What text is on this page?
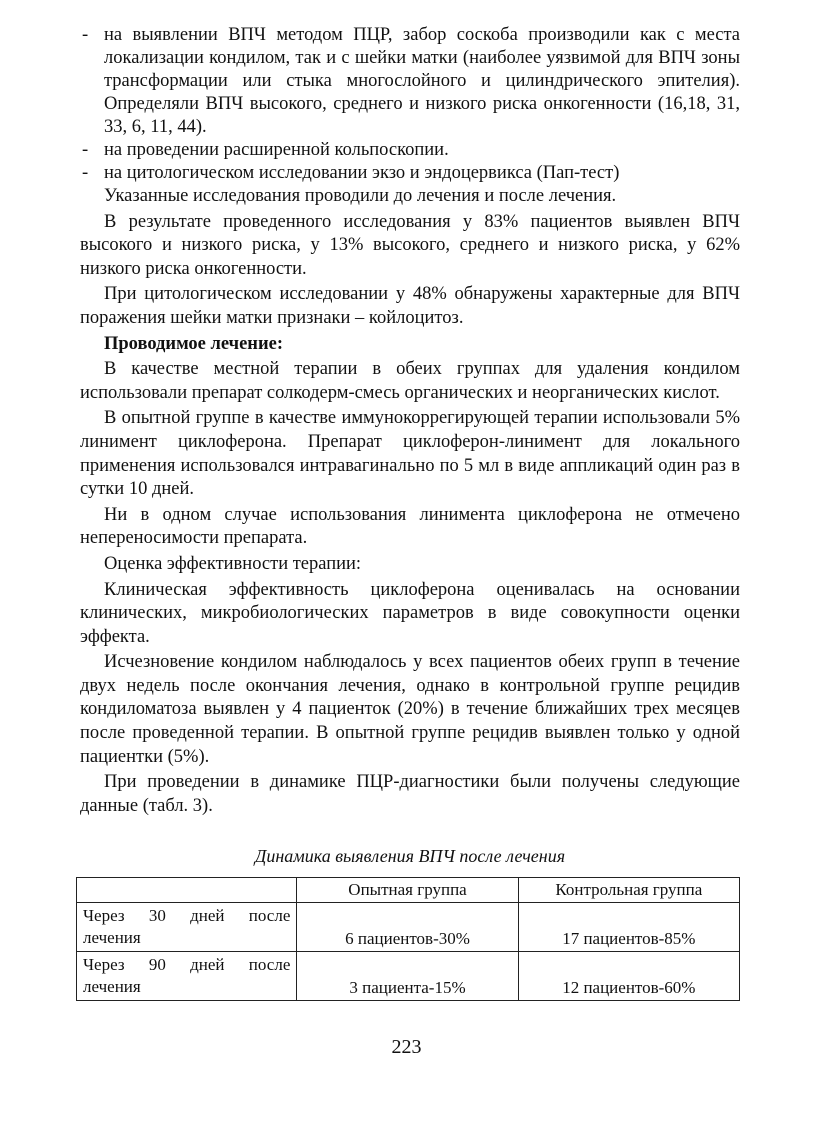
- на выявлении ВПЧ методом ПЦР, забор соскоба производили как с места локализации кондилом, так и с шейки матки (наиболее уязвимой для ВПЧ зоны трансформации или стыка многослойного и цилиндрического эпителия). Определяли ВПЧ высокого, среднего и низкого риска онкогенности (16,18, 31, 33, 6, 11, 44).
- на проведении расширенной кольпоскопии.
- на цитологическом исследовании экзо и эндоцервикса (Пап-тест)

Указанные исследования проводили до лечения и после лечения.

В результате проведенного исследования у 83% пациентов выявлен ВПЧ высокого и низкого риска, у 13% высокого, среднего и низкого риска, у 62% низкого риска онкогенности.

При цитологическом исследовании у 48% обнаружены характерные для ВПЧ поражения шейки матки признаки – койлоцитоз.

Проводимое лечение:

В качестве местной терапии в обеих группах для удаления кондилом использовали препарат солкодерм-смесь органических и неорганических кислот.

В опытной группе в качестве иммунокоррегирующей терапии использовали 5% линимент циклоферона. Препарат циклоферон-линимент для локального применения использовался интравагинально по 5 мл в виде аппликаций один раз в сутки 10 дней.

Ни в одном случае использования линимента циклоферона не отмечено непереносимости препарата.

Оценка эффективности терапии:

Клиническая эффективность циклоферона оценивалась на основании клинических, микробиологических параметров в виде совокупности оценки эффекта.

Исчезновение кондилом наблюдалось у всех пациентов обеих групп в течение двух недель после окончания лечения, однако в контрольной группе рецидив кондиломатоза выявлен у 4 пациенток (20%) в течение ближайших трех месяцев после проведенной терапии. В опытной группе рецидив выявлен только у одной пациентки (5%).

При проведении в динамике ПЦР-диагностики были получены следующие данные (табл. 3).

Динамика выявления ВПЧ после лечения
	Опытная группа	Контрольная группа
Через 30 дней после лечения	6 пациентов-30%	17 пациентов-85%
Через 90 дней после лечения	3 пациента-15%	12 пациентов-60%
223
